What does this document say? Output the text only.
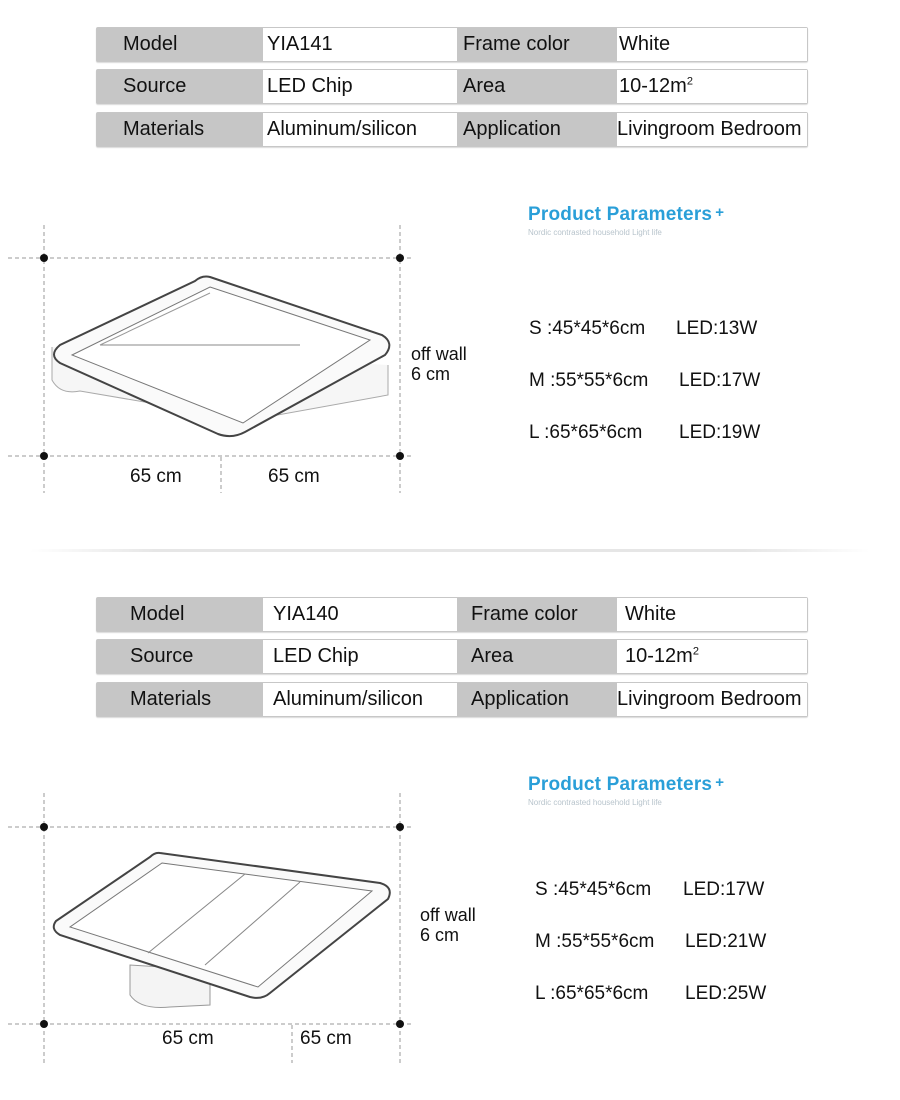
Model	YIA141	Frame color	White
Source	LED Chip	Area	$10-12m^2$
Materials	Aluminum/silicon	Application	Livingroom Bedroom
65 cm	65 cm
off wall
6 cm
Product Parameters +
Nordic contrasted household Light life
S :45*45*6cm LED:13W
M :55*55*6cm LED:17W
L :65*65*6cm LED:19W
Model	YIA140	Frame color	White
Source	LED Chip	Area	$10-12m^2$
Materials	Aluminum/silicon	Application	Livingroom Bedroom
65 cm	65 cm
off wall
6 cm
Product Parameters +
Nordic contrasted household Light life
S :45*45*6cm LED:17W
M :55*55*6cm LED:21W
L :65*65*6cm LED:25W
